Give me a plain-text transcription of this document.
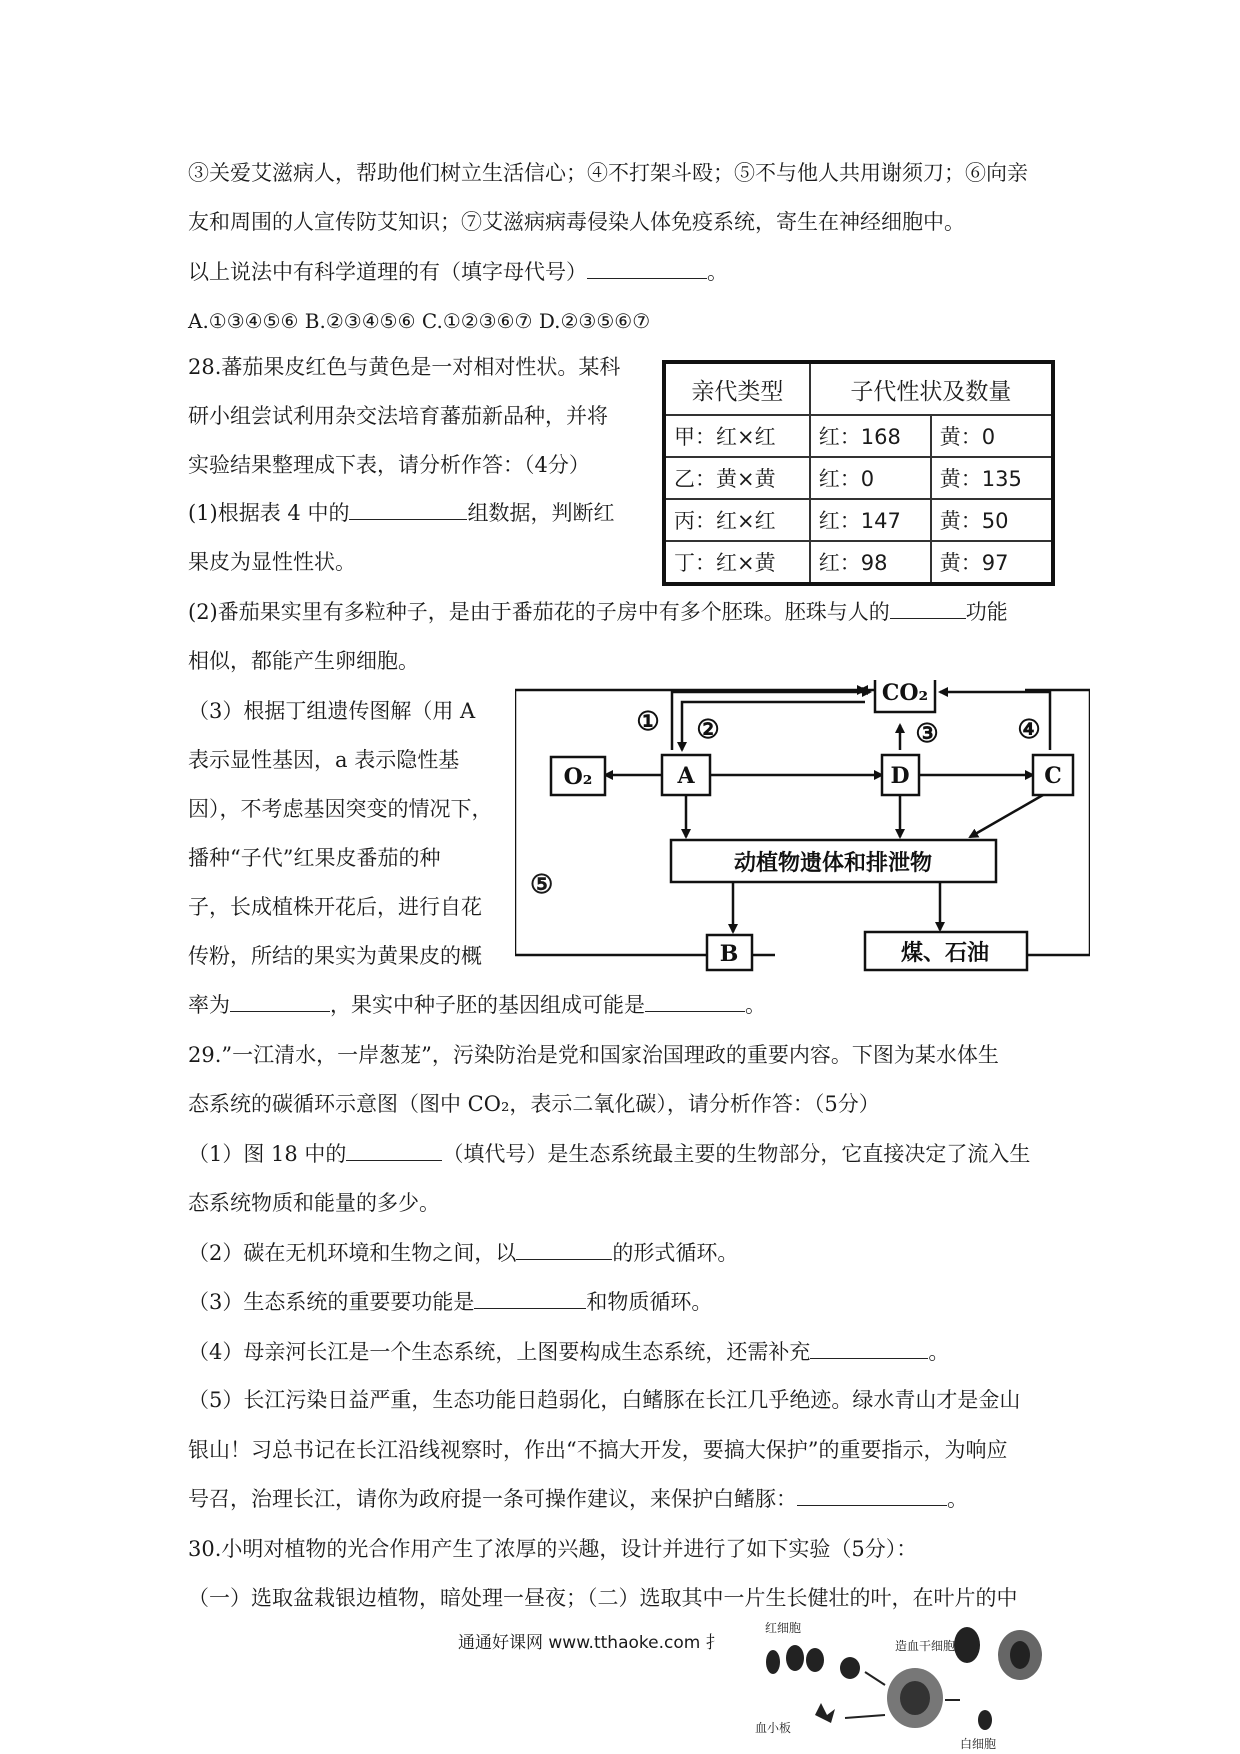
③关爱艾滋病人，帮助他们树立生活信心；④不打架斗殴；⑤不与他人共用谢须刀；⑥向亲
友和周围的人宣传防艾知识；⑦艾滋病病毒侵染人体免疫系统，寄生在神经细胞中。
以上说法中有科学道理的有（填字母代号）	。
A.①③④⑤⑥ B.②③④⑤⑥ C.①②③⑥⑦ D.②③⑤⑥⑦
28.蕃茄果皮红色与黄色是一对相对性状。某科
研小组尝试利用杂交法培育蕃茄新品种，并将
实验结果整理成下表，请分析作答：（4分）
(1)根据表 4 中的	组数据，判断红
果皮为显性性状。
(2)番茄果实里有多粒种子，是由于番茄花的子房中有多个胚珠。胚珠与人的	功能
相似，都能产生卵细胞。
（3）根据丁组遗传图解（用 A
表示显性基因，a 表示隐性基
因），不考虑基因突变的情况下，
播种“子代”红果皮番茄的种
子，长成植株开花后，进行自花
传粉，所结的果实为黄果皮的概
率为	，果实中种子胚的基因组成可能是	。
亲代类型	子代性状及数量	
甲：红×红	红：168	黄：0
乙：黄×黄	红：0	黄：135
丙：红×红	红：147	黄：50
丁：红×黄	红：98	黄：97
CO₂
O₂	A	D	C
动植物遗体和排泄物
B	煤、石油
① ②	③	④
⑤
29.”一江清水，一岸葱茏”，污染防治是党和国家治国理政的重要内容。下图为某水体生
态系统的碳循环示意图（图中 CO₂，表示二氧化碳），请分析作答：（5分）
（1）图 18 中的	（填代号）是生态系统最主要的生物部分，它直接决定了流入生
态系统物质和能量的多少。
（2）碳在无机环境和生物之间，以	的形式循环。
（3）生态系统的重要要功能是	和物质循环。
（4）母亲河长江是一个生态系统，上图要构成生态系统，还需补充	。
（5）长江污染日益严重，生态功能日趋弱化，白鳍豚在长江几乎绝迹。绿水青山才是金山
银山！习总书记在长江沿线视察时，作出“不搞大开发，要搞大保护”的重要指示，为响应
号召，治理长江，请你为政府提一条可操作建议，来保护白鳍豚：	。
30.小明对植物的光合作用产生了浓厚的兴趣，设计并进行了如下实验（5分）：
（一）选取盆栽银边植物，暗处理一昼夜；（二）选取其中一片生长健壮的叶，在叶片的中
通通好课网 www.tthaoke.com 扌
红细胞
造血干细胞
血小板
白细胞
